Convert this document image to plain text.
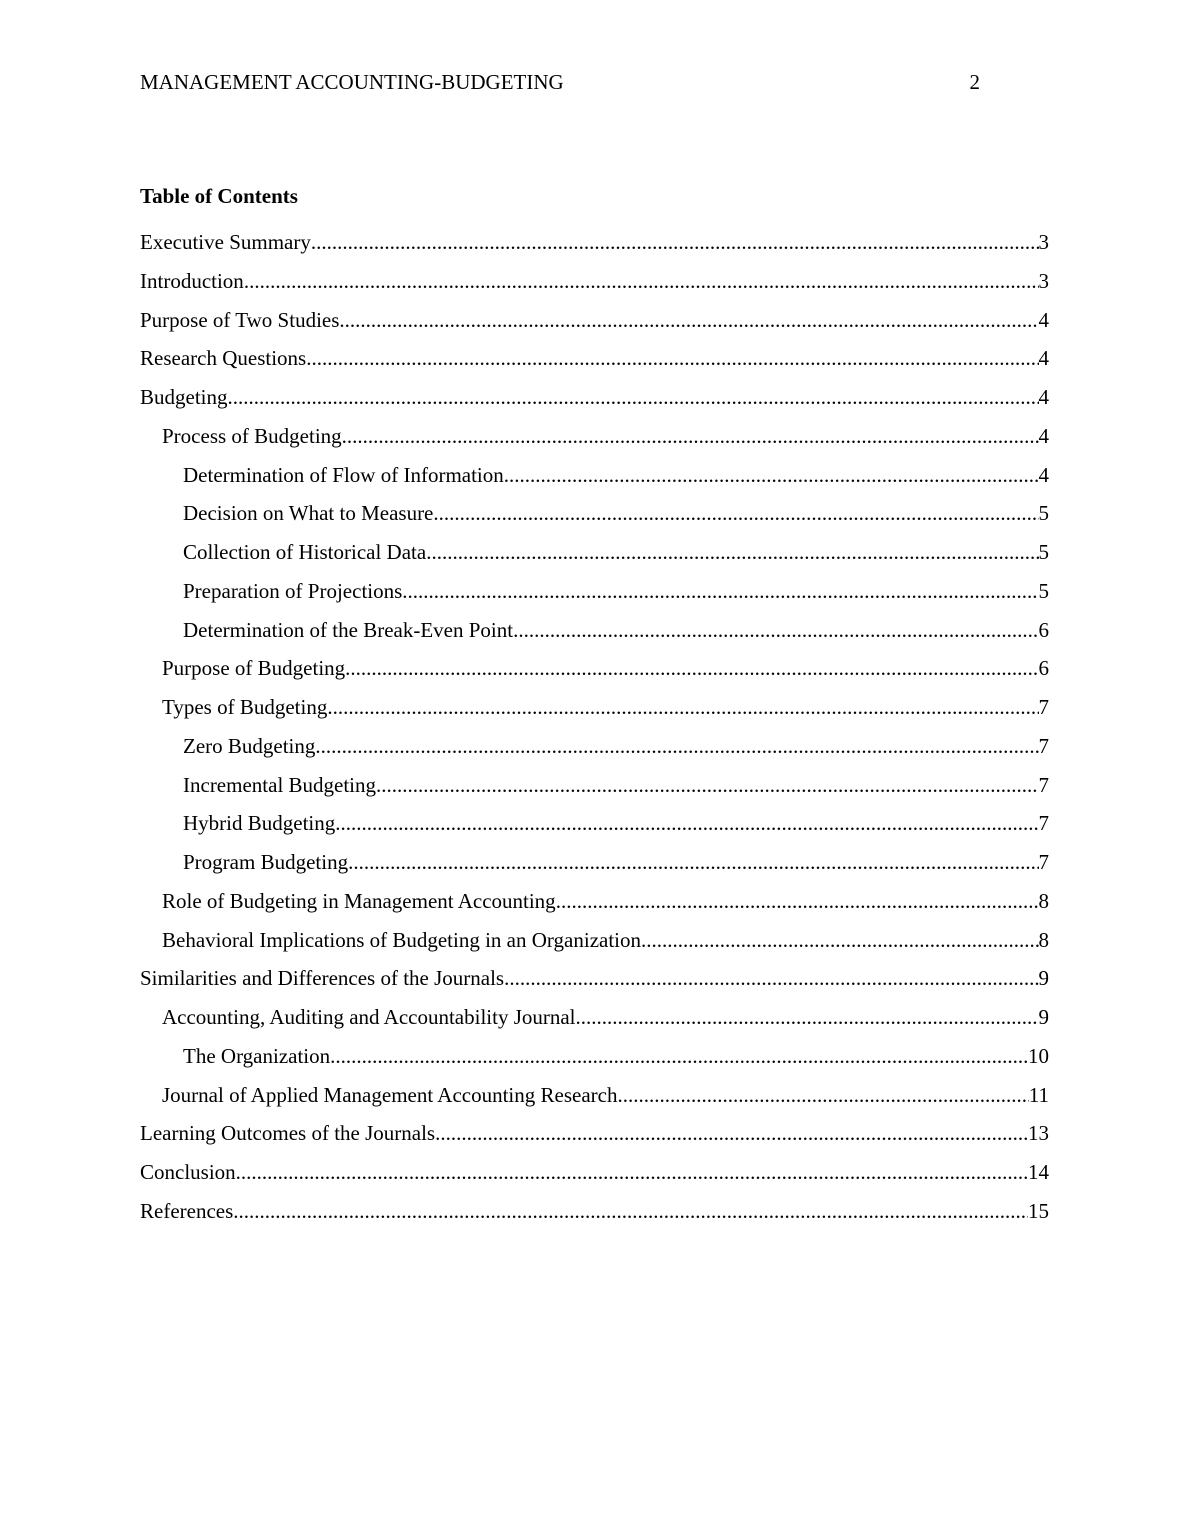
MANAGEMENT ACCOUNTING-BUDGETING	2
Table of Contents
Executive Summary .....	3
Introduction .....	3
Purpose of Two Studies .....	4
Research Questions .....	4
Budgeting .....	4
Process of Budgeting .....	4
Determination of Flow of Information .....	4
Decision on What to Measure .....	5
Collection of Historical Data .....	5
Preparation of Projections .....	5
Determination of the Break-Even Point .....	6
Purpose of Budgeting .....	6
Types of Budgeting .....	7
Zero Budgeting .....	7
Incremental Budgeting .....	7
Hybrid Budgeting .....	7
Program Budgeting .....	7
Role of Budgeting in Management Accounting .....	8
Behavioral Implications of Budgeting in an Organization .....	8
Similarities and Differences of the Journals .....	9
Accounting, Auditing and Accountability Journal .....	9
The Organization .....	10
Journal of Applied Management Accounting Research .....	11
Learning Outcomes of the Journals .....	13
Conclusion .....	14
References .....	15
